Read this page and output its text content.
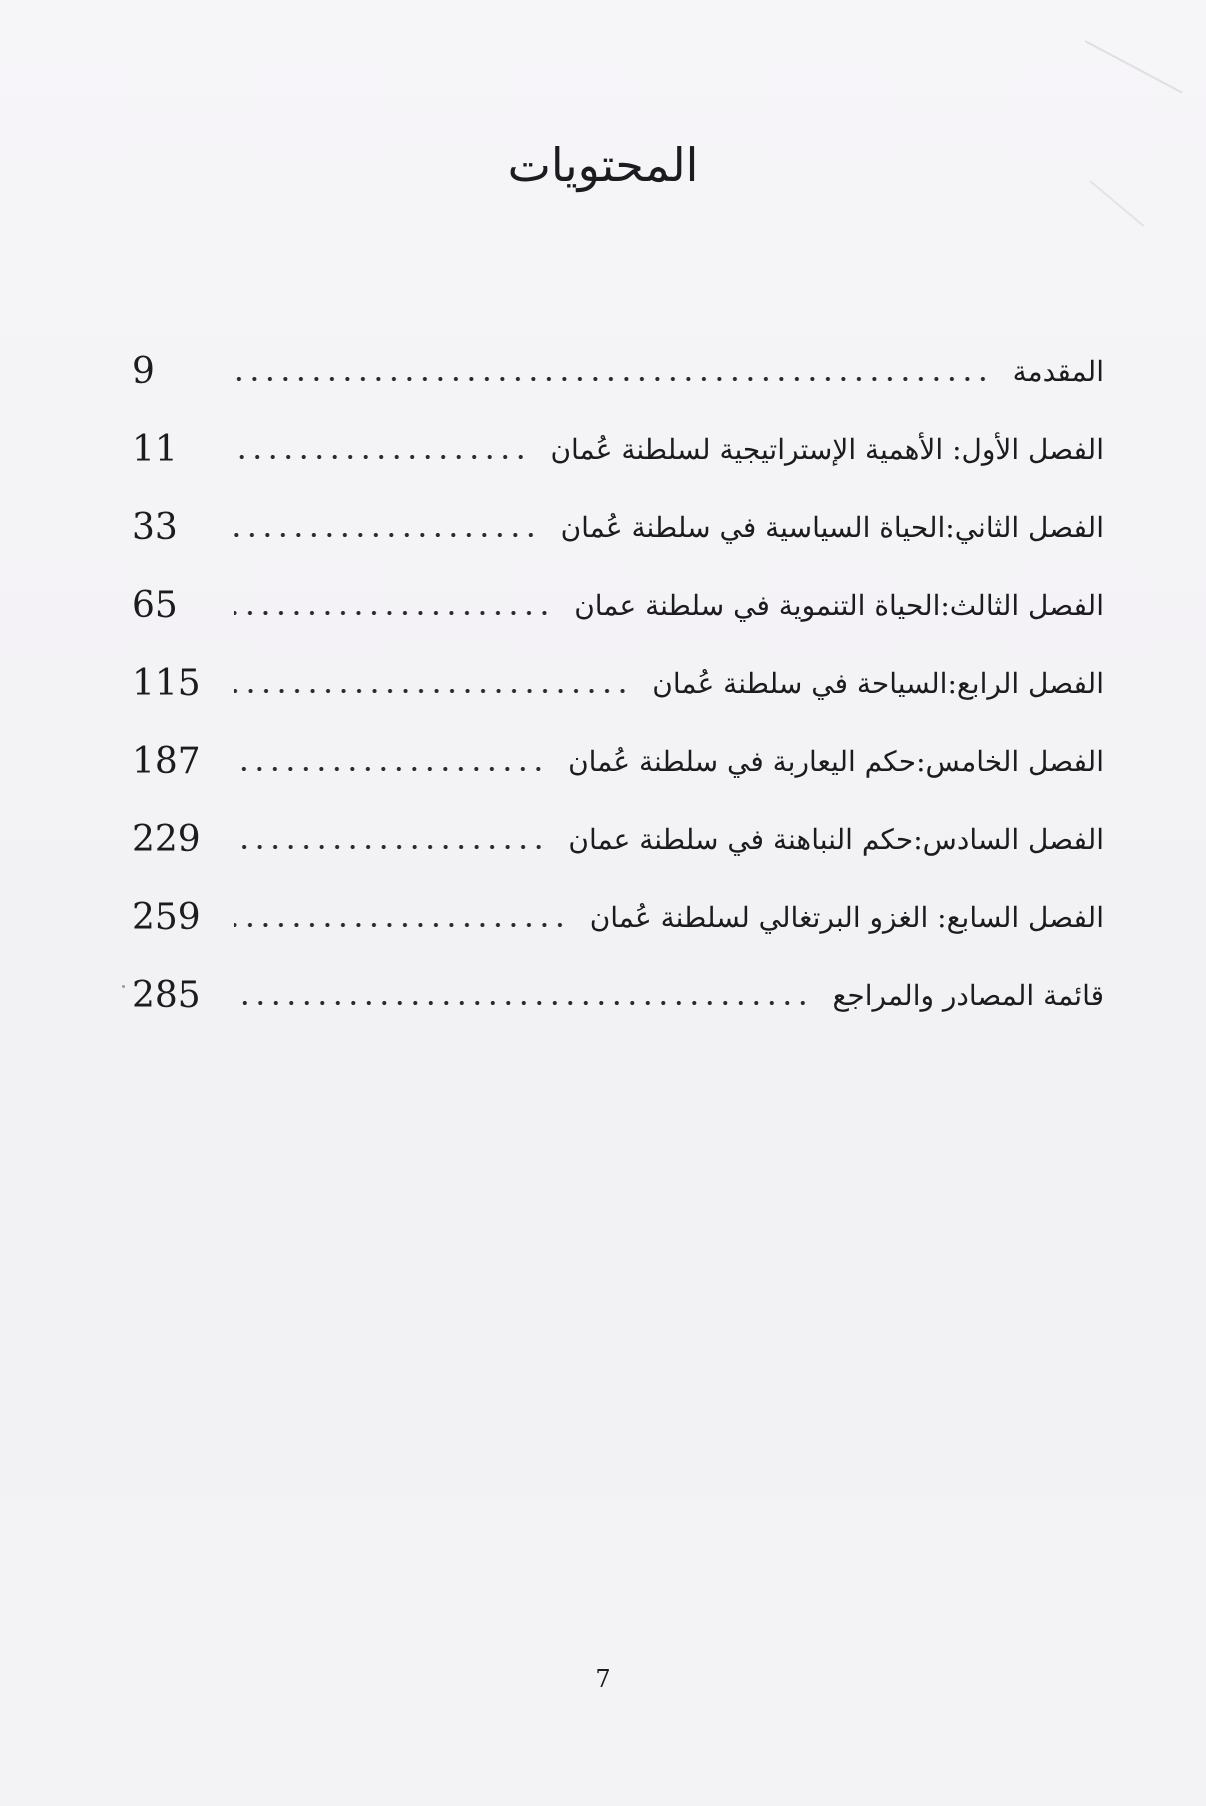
المحتويات
المقدمة
9
الفصل الأول: الأهمية الإستراتيجية لسلطنة عُمان
11
الفصل الثاني:الحياة السياسية في سلطنة عُمان
33
الفصل الثالث:الحياة التنموية في سلطنة عمان
65
الفصل الرابع:السياحة في سلطنة عُمان
115
الفصل الخامس:حكم اليعاربة في سلطنة عُمان
187
الفصل السادس:حكم النباهنة في سلطنة عمان
229
الفصل السابع: الغزو البرتغالي لسلطنة عُمان
259
قائمة المصادر والمراجع
285
7
